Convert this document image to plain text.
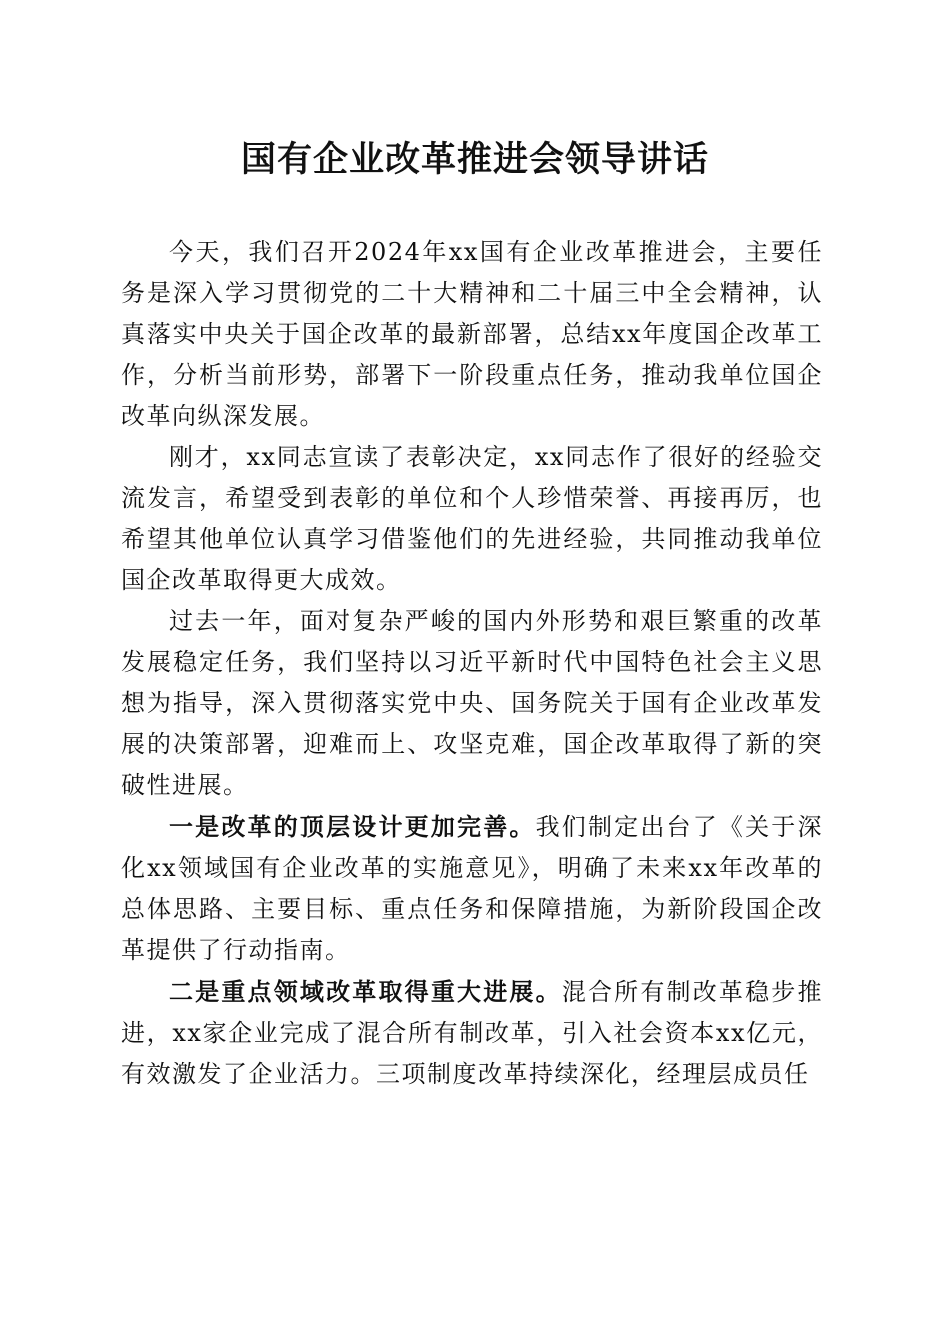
国有企业改革推进会领导讲话

今天，我们召开2024年xx国有企业改革推进会，主要任务是深入学习贯彻党的二十大精神和二十届三中全会精神，认真落实中央关于国企改革的最新部署，总结xx年度国企改革工作，分析当前形势，部署下一阶段重点任务，推动我单位国企改革向纵深发展。

刚才，xx同志宣读了表彰决定，xx同志作了很好的经验交流发言，希望受到表彰的单位和个人珍惜荣誉、再接再厉，也希望其他单位认真学习借鉴他们的先进经验，共同推动我单位国企改革取得更大成效。

过去一年，面对复杂严峻的国内外形势和艰巨繁重的改革发展稳定任务，我们坚持以习近平新时代中国特色社会主义思想为指导，深入贯彻落实党中央、国务院关于国有企业改革发展的决策部署，迎难而上、攻坚克难，国企改革取得了新的突破性进展。

一是改革的顶层设计更加完善。我们制定出台了《关于深化xx领域国有企业改革的实施意见》，明确了未来xx年改革的总体思路、主要目标、重点任务和保障措施，为新阶段国企改革提供了行动指南。

二是重点领域改革取得重大进展。混合所有制改革稳步推进，xx家企业完成了混合所有制改革，引入社会资本xx亿元，有效激发了企业活力。三项制度改革持续深化，经理层成员任
